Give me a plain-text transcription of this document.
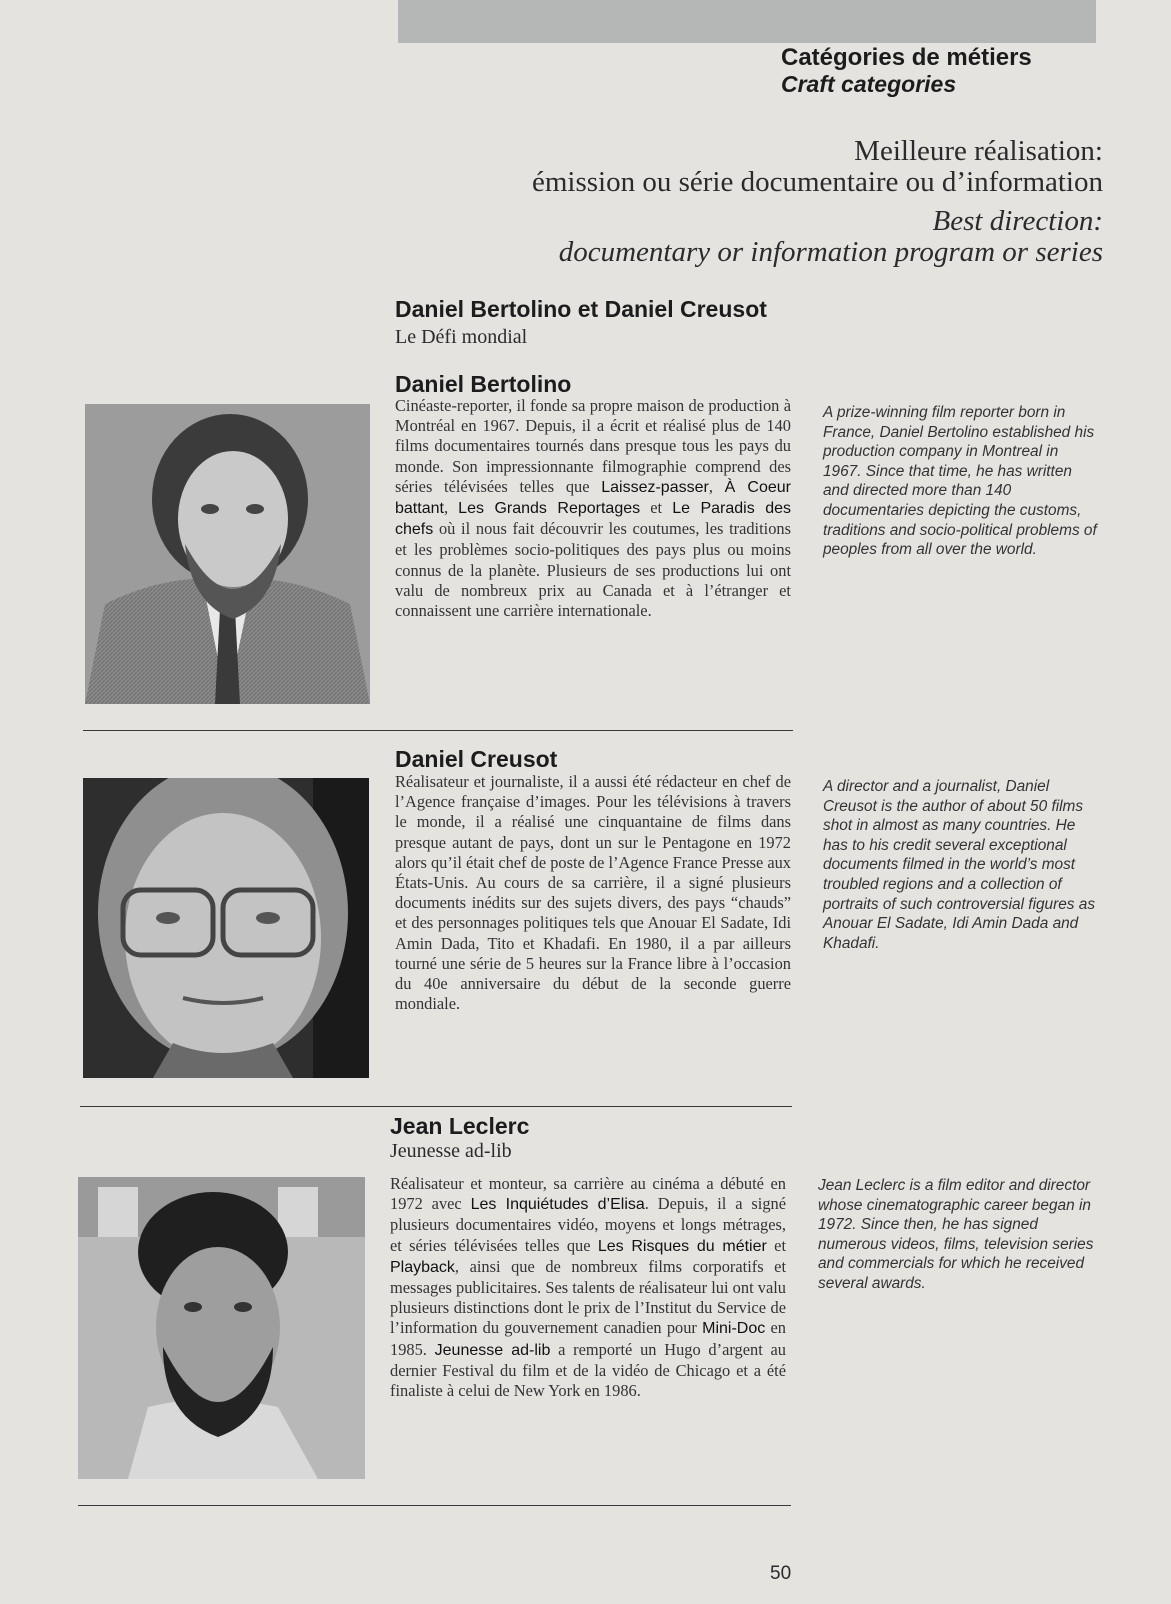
Catégories de métiers
Craft categories
Meilleure réalisation:
émission ou série documentaire ou d’information
Best direction:
documentary or information program or series
Daniel Bertolino et Daniel Creusot
Le Défi mondial
Daniel Bertolino
Cinéaste-reporter, il fonde sa propre maison de production à Montréal en 1967. Depuis, il a écrit et réalisé plus de 140 films documentaires tournés dans presque tous les pays du monde. Son impressionnante filmographie comprend des séries télévisées telles que Laissez-passer, À Coeur battant, Les Grands Reportages et Le Paradis des chefs où il nous fait découvrir les coutumes, les traditions et les problèmes socio-politiques des pays plus ou moins connus de la planète. Plusieurs de ses productions lui ont valu de nombreux prix au Canada et à l’étranger et connaissent une carrière internationale.
A prize-winning film reporter born in France, Daniel Bertolino established his production company in Montreal in 1967. Since that time, he has written and directed more than 140 documentaries depicting the customs, traditions and socio-political problems of peoples from all over the world.
Daniel Creusot
Réalisateur et journaliste, il a aussi été rédacteur en chef de l’Agence française d’images. Pour les télévisions à travers le monde, il a réalisé une cinquantaine de films dans presque autant de pays, dont un sur le Pentagone en 1972 alors qu’il était chef de poste de l’Agence France Presse aux États-Unis. Au cours de sa carrière, il a signé plusieurs documents inédits sur des sujets divers, des pays “chauds” et des personnages politiques tels que Anouar El Sadate, Idi Amin Dada, Tito et Khadafi. En 1980, il a par ailleurs tourné une série de 5 heures sur la France libre à l’occasion du 40e anniversaire du début de la seconde guerre mondiale.
A director and a journalist, Daniel Creusot is the author of about 50 films shot in almost as many countries. He has to his credit several exceptional documents filmed in the world’s most troubled regions and a collection of portraits of such controversial figures as Anouar El Sadate, Idi Amin Dada and Khadafi.
Jean Leclerc
Jeunesse ad-lib
Réalisateur et monteur, sa carrière au cinéma a débuté en 1972 avec Les Inquiétudes d’Elisa. Depuis, il a signé plusieurs documentaires vidéo, moyens et longs métrages, et séries télévisées telles que Les Risques du métier et Playback, ainsi que de nombreux films corporatifs et messages publicitaires. Ses talents de réalisateur lui ont valu plusieurs distinctions dont le prix de l’Institut du Service de l’information du gouvernement canadien pour Mini-Doc en 1985. Jeunesse ad-lib a remporté un Hugo d’argent au dernier Festival du film et de la vidéo de Chicago et a été finaliste à celui de New York en 1986.
Jean Leclerc is a film editor and director whose cinematographic career began in 1972. Since then, he has signed numerous videos, films, television series and commercials for which he received several awards.
50
